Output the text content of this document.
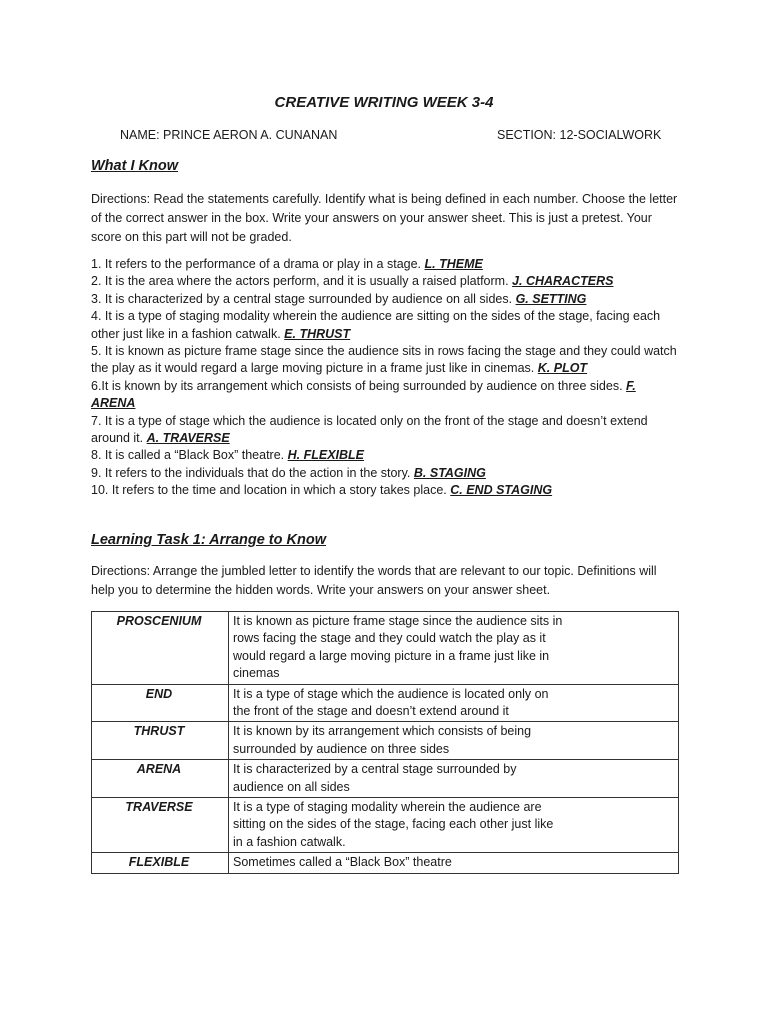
CREATIVE WRITING WEEK 3-4
NAME: PRINCE AERON A. CUNANAN	SECTION: 12-SOCIALWORK
What I Know
Directions: Read the statements carefully. Identify what is being defined in each number. Choose the letter of the correct answer in the box. Write your answers on your answer sheet. This is just a pretest. Your score on this part will not be graded.
1. It refers to the performance of a drama or play in a stage. L. THEME
2. It is the area where the actors perform, and it is usually a raised platform. J. CHARACTERS
3. It is characterized by a central stage surrounded by audience on all sides. G. SETTING
4. It is a type of staging modality wherein the audience are sitting on the sides of the stage, facing each other just like in a fashion catwalk. E. THRUST
5. It is known as picture frame stage since the audience sits in rows facing the stage and they could watch the play as it would regard a large moving picture in a frame just like in cinemas. K. PLOT
6.It is known by its arrangement which consists of being surrounded by audience on three sides. F. ARENA
7. It is a type of stage which the audience is located only on the front of the stage and doesn’t extend around it. A. TRAVERSE
8. It is called a “Black Box” theatre. H. FLEXIBLE
9. It refers to the individuals that do the action in the story. B. STAGING
10. It refers to the time and location in which a story takes place. C. END STAGING
Learning Task 1: Arrange to Know
Directions: Arrange the jumbled letter to identify the words that are relevant to our topic. Definitions will help you to determine the hidden words. Write your answers on your answer sheet.
PROSCENIUM	It is known as picture frame stage since the audience sits in rows facing the stage and they could watch the play as it would regard a large moving picture in a frame just like in cinemas

END	It is a type of stage which the audience is located only on the front of the stage and doesn’t extend around it

THRUST	It is known by its arrangement which consists of being surrounded by audience on three sides

ARENA	It is characterized by a central stage surrounded by audience on all sides

TRAVERSE	It is a type of staging modality wherein the audience are sitting on the sides of the stage, facing each other just like in a fashion catwalk.

FLEXIBLE	Sometimes called a “Black Box” theatre
